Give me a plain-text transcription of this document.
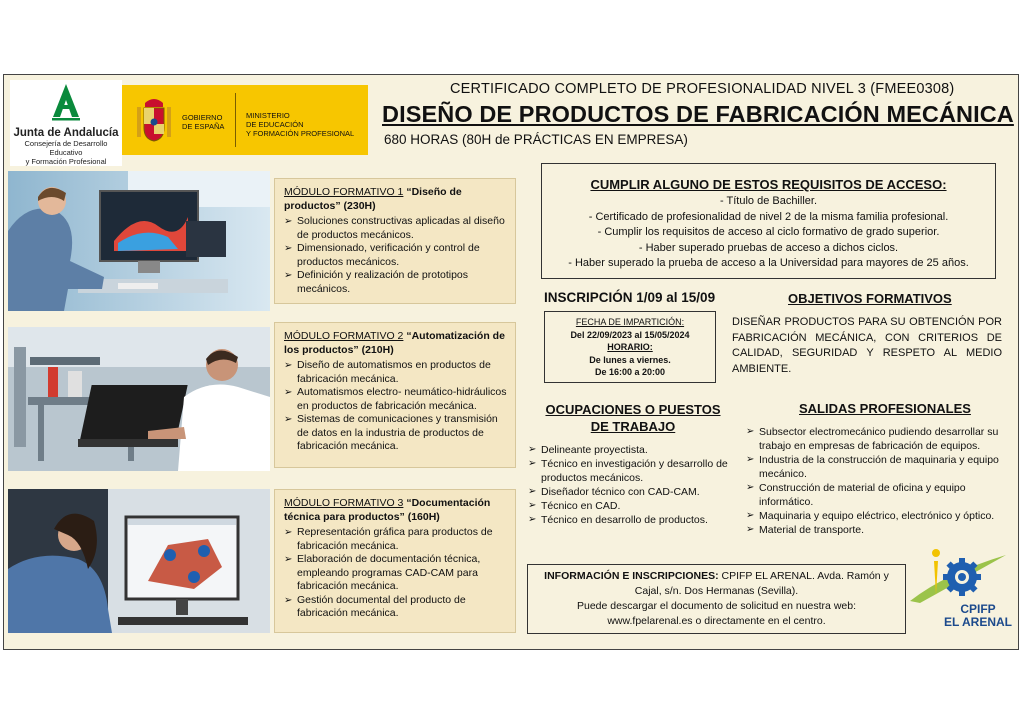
Junta de Andalucía
Consejería de Desarrollo Educativo
y Formación Profesional
GOBIERNO
DE ESPAÑA
MINISTERIO
DE EDUCACIÓN
Y FORMACIÓN PROFESIONAL
CERTIFICADO COMPLETO DE PROFESIONALIDAD NIVEL 3 (FMEE0308)
DISEÑO DE PRODUCTOS DE FABRICACIÓN MECÁNICA
680 HORAS (80H de PRÁCTICAS EN EMPRESA)
MÓDULO FORMATIVO 1 “Diseño de productos” (230H)
➢ Soluciones constructivas aplicadas al diseño de productos mecánicos.
➢ Dimensionado, verificación y control de productos mecánicos.
➢ Definición y realización de prototipos mecánicos.
MÓDULO FORMATIVO 2 “Automatización de los productos” (210H)
➢ Diseño de automatismos en productos de fabricación mecánica.
➢ Automatismos electro- neumático-hidráulicos en productos de fabricación mecánica.
➢ Sistemas de comunicaciones y transmisión de datos en la industria de productos de fabricación mecánica.
MÓDULO FORMATIVO 3 “Documentación técnica para productos” (160H)
➢ Representación gráfica para productos de fabricación mecánica.
➢ Elaboración de documentación técnica, empleando programas CAD-CAM para fabricación mecánica.
➢ Gestión documental del producto de fabricación mecánica.
CUMPLIR ALGUNO DE ESTOS REQUISITOS DE ACCESO:
- Título de Bachiller.
- Certificado de profesionalidad de nivel 2 de la misma familia profesional.
- Cumplir los requisitos de acceso al ciclo formativo de grado superior.
- Haber superado pruebas de acceso a dichos ciclos.
- Haber superado la prueba de acceso a la Universidad para mayores de 25 años.
INSCRIPCIÓN 1/09 al 15/09
FECHA DE IMPARTICIÓN:
Del 22/09/2023 al 15/05/2024
HORARIO:
De lunes a viernes.
De 16:00 a 20:00
OBJETIVOS FORMATIVOS
DISEÑAR PRODUCTOS PARA SU OBTENCIÓN POR FABRICACIÓN MECÁNICA, CON CRITERIOS DE CALIDAD, SEGURIDAD Y RESPETO AL MEDIO AMBIENTE.
OCUPACIONES O PUESTOS DE TRABAJO
➢ Delineante proyectista.
➢ Técnico en investigación y desarrollo de productos mecánicos.
➢ Diseñador técnico con CAD-CAM.
➢ Técnico en CAD.
➢ Técnico en desarrollo de productos.
SALIDAS PROFESIONALES
➢ Subsector electromecánico pudiendo desarrollar su trabajo en empresas de fabricación de equipos.
➢ Industria de la construcción de maquinaria y equipo mecánico.
➢ Construcción de material de oficina y equipo informático.
➢ Maquinaria y equipo eléctrico, electrónico y óptico.
➢ Material de transporte.
INFORMACIÓN E INSCRIPCIONES: CPIFP EL ARENAL. Avda. Ramón y
Cajal, s/n. Dos Hermanas (Sevilla).
Puede descargar el documento de solicitud en nuestra web:
www.fpelarenal.es o directamente en el centro.
CPIFP
EL ARENAL
